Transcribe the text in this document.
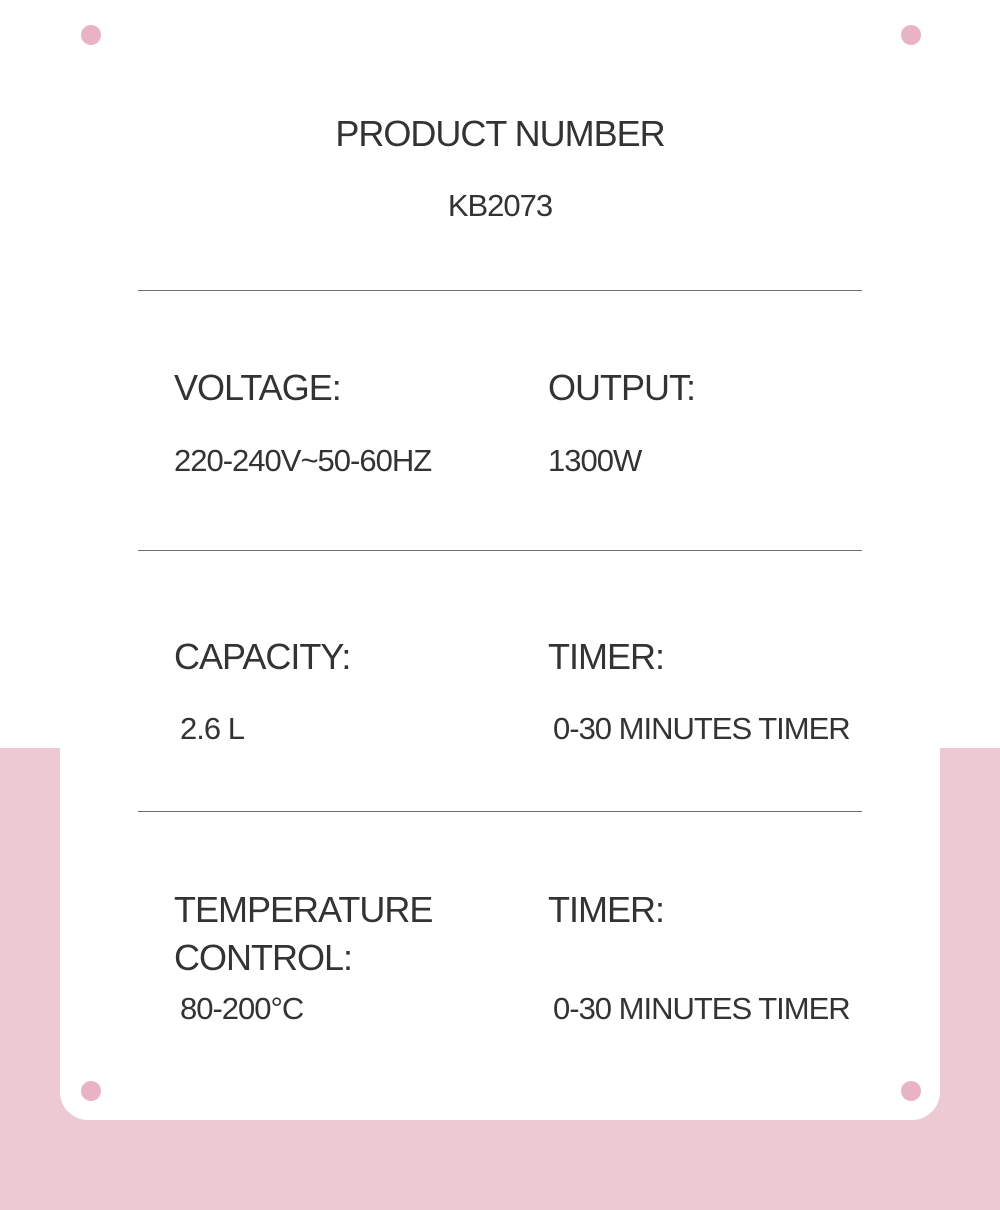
PRODUCT NUMBER
KB2073
VOLTAGE:
220-240V~50-60HZ
OUTPUT:
1300W
CAPACITY:
2.6 L
TIMER:
0-30 MINUTES TIMER
TEMPERATURE
CONTROL:
80-200°C
TIMER:
0-30 MINUTES TIMER
